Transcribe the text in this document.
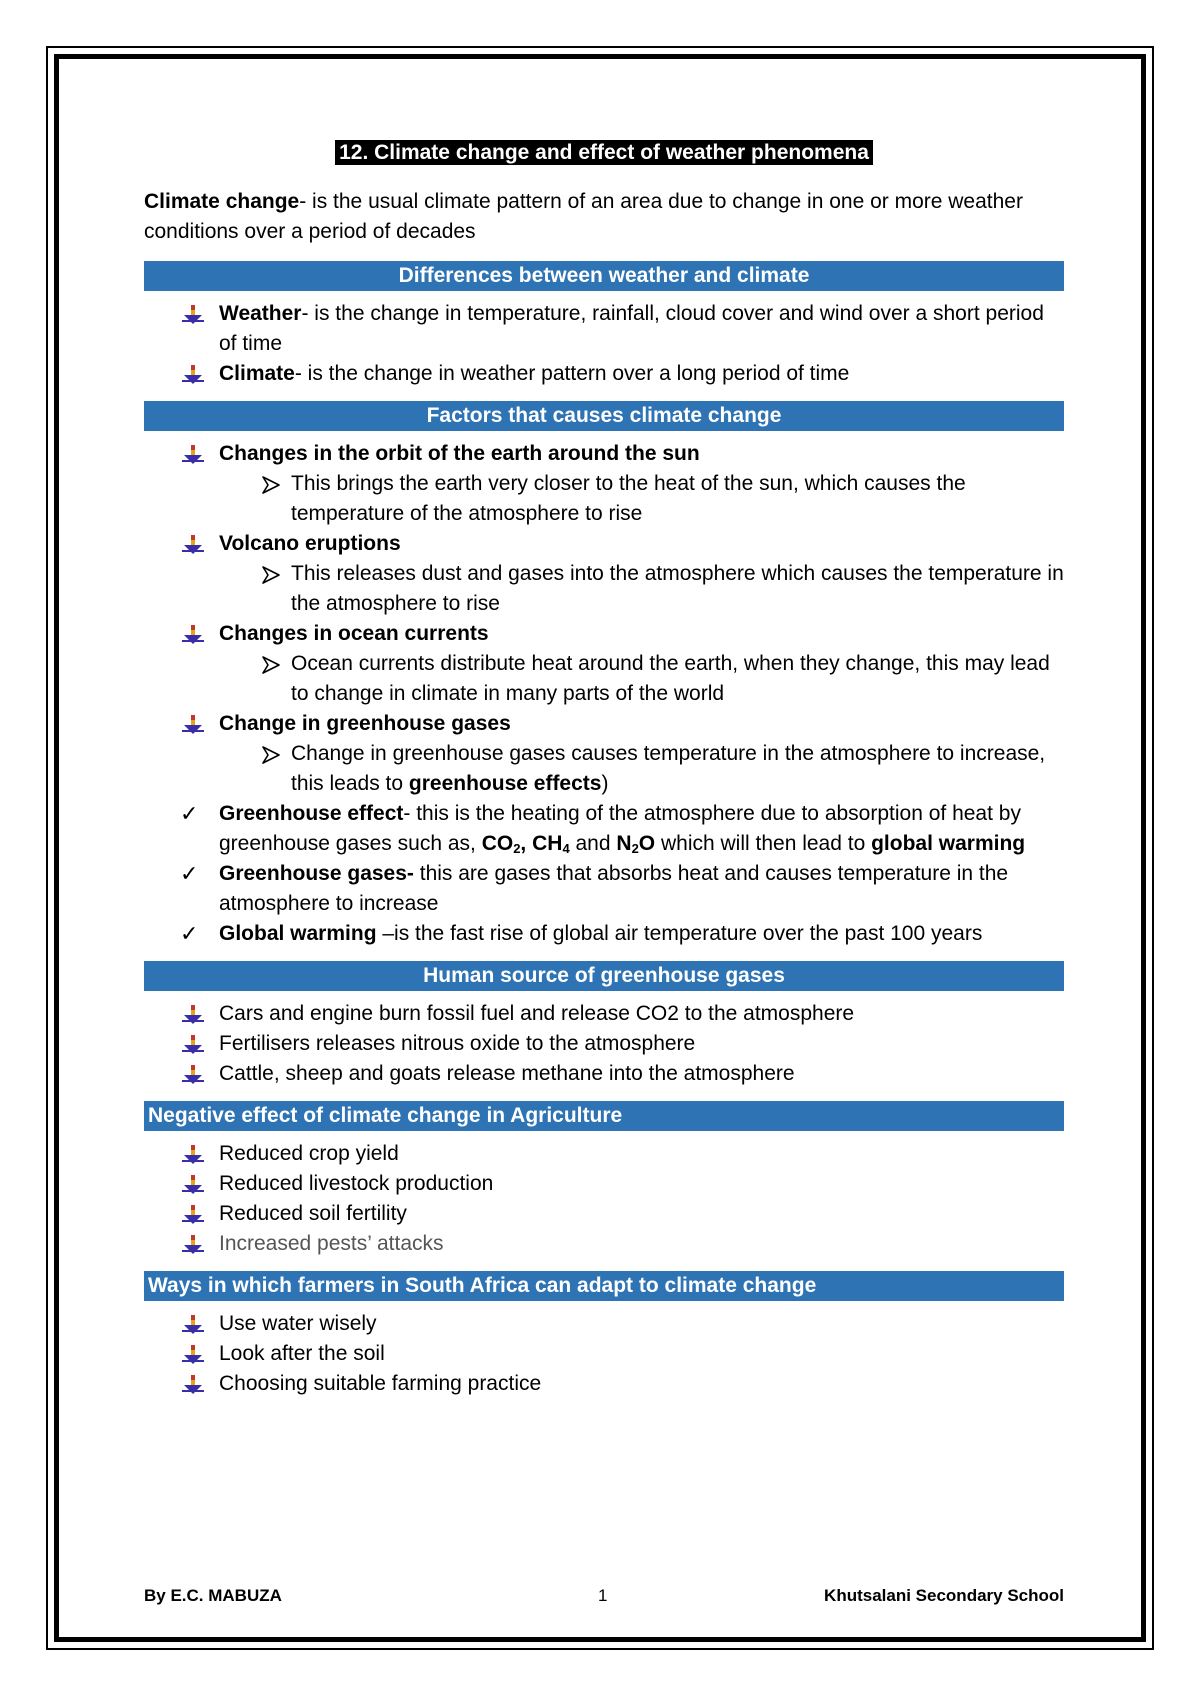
12. Climate change and effect of weather phenomena

Climate change- is the usual climate pattern of an area due to change in one or more weather conditions over a period of decades

Differences between weather and climate
Weather- is the change in temperature, rainfall, cloud cover and wind over a short period of time
Climate- is the change in weather pattern over a long period of time
Factors that causes climate change
Changes in the orbit of the earth around the sun
This brings the earth very closer to the heat of the sun, which causes the temperature of the atmosphere to rise
Volcano eruptions
This releases dust and gases into the atmosphere which causes the temperature in the atmosphere to rise
Changes in ocean currents
Ocean currents distribute heat around the earth, when they change, this may lead to change in climate in many parts of the world
Change in greenhouse gases
Change in greenhouse gases causes temperature in the atmosphere to increase, this leads to greenhouse effects)
✓ Greenhouse effect- this is the heating of the atmosphere due to absorption of heat by greenhouse gases such as, $CO_2$, $CH_4$ and $N_2O$ which will then lead to global warming
✓ Greenhouse gases- this are gases that absorbs heat and causes temperature in the atmosphere to increase
✓ Global warming –is the fast rise of global air temperature over the past 100 years
Human source of greenhouse gases
Cars and engine burn fossil fuel and release CO2 to the atmosphere
Fertilisers releases nitrous oxide to the atmosphere
Cattle, sheep and goats release methane into the atmosphere
Negative effect of climate change in Agriculture
Reduced crop yield
Reduced livestock production
Reduced soil fertility
Increased pests’ attacks
Ways in which farmers in South Africa can adapt to climate change
Use water wisely
Look after the soil
Choosing suitable farming practice
By E.C. MABUZA	1	Khutsalani Secondary School
